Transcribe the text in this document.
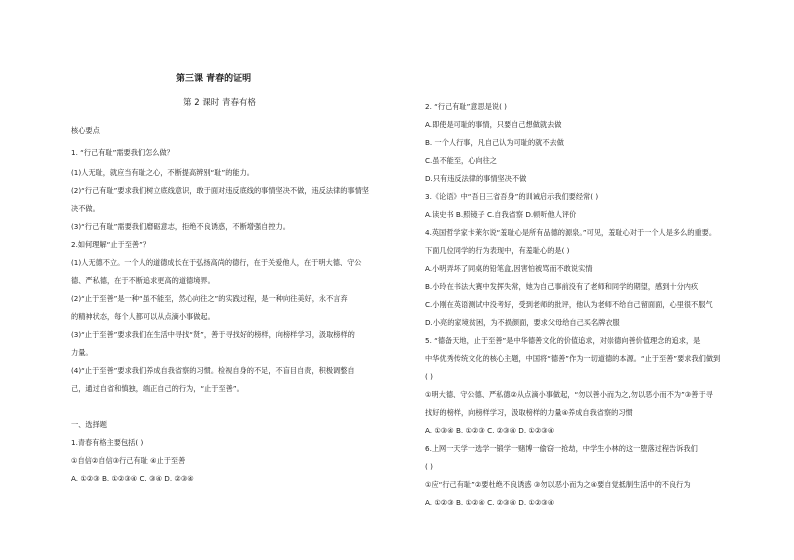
第三课 青春的证明
第 2 课时 青春有格
核心要点
1. “行己有耻”需要我们怎么做？
(1)人无耻，就应当有耻之心，不断提高辨别“耻”的能力。
(2)“行己有耻”要求我们树立底线意识，敢于面对违反底线的事情坚决不做，违反法律的事情坚
决不做。
(3)“行己有耻”需要我们磨砺意志，拒绝不良诱惑，不断增强自控力。
2.如何理解“止于至善”？
(1)人无德不立。一个人的道德成长在于弘扬高尚的德行，在于关爱他人，在于明大德、守公
德、严私德，在于不断追求更高的道德境界。
(2)“止于至善”是一种“虽不能至，然心向往之”的实践过程，是一种向往美好，永不言弃
的精神状态，每个人都可以从点滴小事做起。
(3)“止于至善”要求我们在生活中寻找“贤”，善于寻找好的榜样，向榜样学习，汲取榜样的
力量。
(4)“止于至善”要求我们养成自我省察的习惯。检视自身的不足，不盲目自责，积极调整自
己，通过自省和慎独，端正自己的行为，“止于至善”。
一、选择题
1.青春有格主要包括( )
①自信②自信③行己有耻 ④止于至善
A. ①②③ B. ①②③④ C. ③④ D. ②③④
2. “行己有耻”意思是说( )
A.即使是可耻的事情，只要自己想做就去做
B. 一个人行事，凡自己认为可耻的就不去做
C.虽不能至，心向往之
D.只有违反法律的事情坚决不做
3.《论语》中“吾日三省吾身”的训诫启示我们要经常( )
A.读史书 B.照镜子 C.自我省察 D.顿听他人评价
4.英国哲学家卡莱尔说“羞耻心是所有品德的源泉。”可见，羞耻心对于一个人是多么的重要。
下面几位同学的行为表现中，有羞耻心的是( )
A.小明弄坏了同桌的铅笔盒,因害怕被骂而不敢说实情
B.小玲在书法大赛中发挥失常，她为自己事前没有了老师和同学的期望，感到十分内疚
C.小刚在英语测试中没考好，受到老师的批评，他认为老师不给自己留面面，心里很不服气
D.小亮的家境贫困，为不损颜面，要求父母给自己买名牌衣服
5. “德备天地，止于至善”是中华德善文化的价值追求，对崇德向善价值理念的追求，是
中华优秀传统文化的核心主题，中国将“德善”作为一切道德的本源。“止于至善”要求我们做到
( )
①明大德、守公德、严私德②从点滴小事做起，“勿以善小而为之,勿以恶小而不为”③善于寻
找好的榜样，向榜样学习，汲取榜样的力量④养成自我省察的习惯
A. ①③④ B. ①②③ C. ②③④ D. ①②③④
6.上网一天学一选学一锻学一赌博一偷窃一抢劫，中学生小林的这一堕落过程告诉我们
( )
①应“行己有耻”②要杜绝不良诱惑 ③勿以恶小而为之④要自觉抵制生活中的不良行为
A. ①②③ B. ①②④ C. ②③④ D. ①②③④
